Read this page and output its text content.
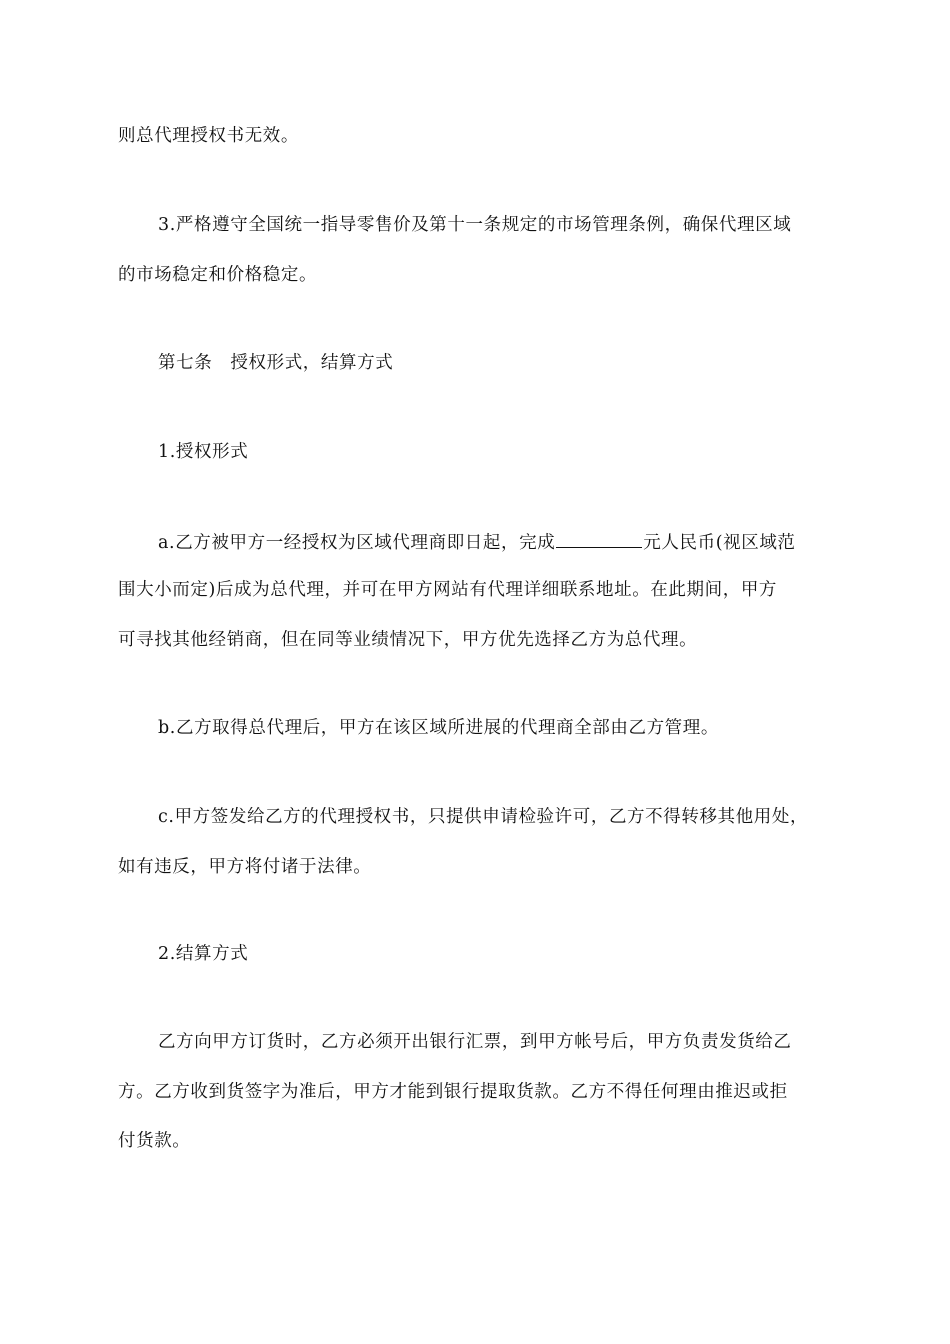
则总代理授权书无效。
3.严格遵守全国统一指导零售价及第十一条规定的市场管理条例，确保代理区域
的市场稳定和价格稳定。
第七条　授权形式，结算方式
1.授权形式
a.乙方被甲方一经授权为区域代理商即日起，完成	元人民币(视区域范
围大小而定)后成为总代理，并可在甲方网站有代理详细联系地址。在此期间，甲方
可寻找其他经销商，但在同等业绩情况下，甲方优先选择乙方为总代理。
b.乙方取得总代理后，甲方在该区域所进展的代理商全部由乙方管理。
c.甲方签发给乙方的代理授权书，只提供申请检验许可，乙方不得转移其他用处，
如有违反，甲方将付诸于法律。
2.结算方式
乙方向甲方订货时，乙方必须开出银行汇票，到甲方帐号后，甲方负责发货给乙
方。乙方收到货签字为准后，甲方才能到银行提取货款。乙方不得任何理由推迟或拒
付货款。
